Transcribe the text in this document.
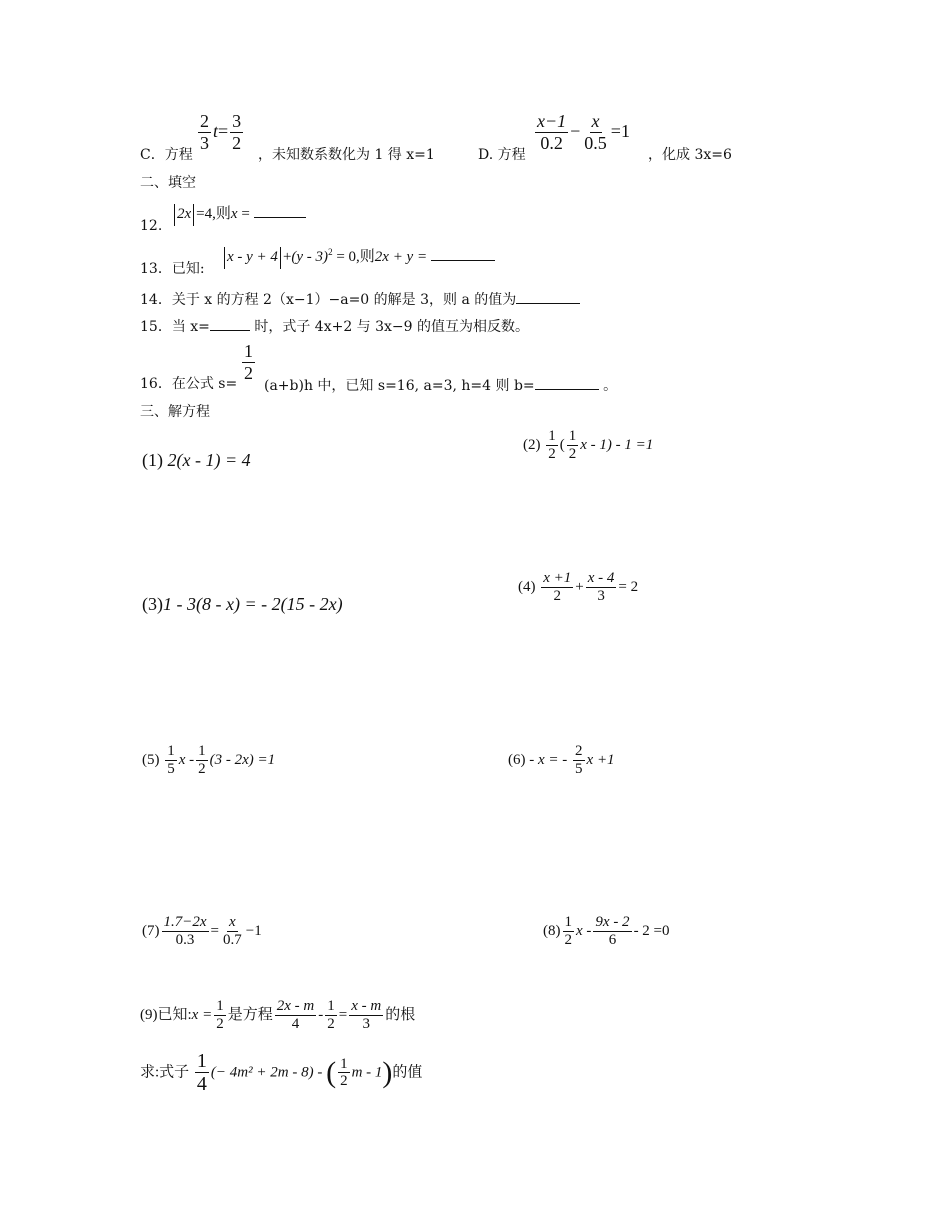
C．方程
$\frac{2}{3} t= \frac{3}{2}$
，未知数系数化为 1 得 x=1	D. 方程
$\frac{x-1}{0.2} - \frac{x}{0.5} =1$
，化成 3x=6
二、填空
12.
2x =4,则x =
13．已知:
x - y + 4 +(y - 3)$^2$ = 0,则2x + y =
14．关于 x 的方程 2（x−1）−a=0 的解是 3，则 a 的值为
15．当 x=	时，式子 4x+2 与 3x−9 的值互为相反数。
16．在公式 s=
$\frac{1}{2}$
(a+b)h 中，已知 s=16, a=3, h=4 则 b=	。
三、解方程
(1) 2(x - 1) = 4
$(2) \frac{1}{2}$ ( $\frac{1}{2}$ x - 1) - 1 =1
(3)1 - 3(8 - x) = - 2(15 - 2x)
$(4) \frac{x +1}{2} + \frac{x - 4}{3} = 2$
$(5) \frac{1}{5}$ $x - \frac{1}{2} (3 - 2x) =1$	(6) - x = - $\frac{2}{5}$ x +1
$(7) \frac{1.7-2x}{0.3} = \frac{x}{0.7} -1$	$(8) \frac{1}{2}$ $x - \frac{9x - 2}{6} - 2 =0$
(9)已知:x = $\frac{1}{2}$ 是方程 $\frac{2x - m}{4} - \frac{1}{2} = \frac{x - m}{3}$ 的根
求:式子 $\frac{1}{4}$ (− 4m² + 2m - 8) - ( $\frac{1}{2}$ m - 1)的值
